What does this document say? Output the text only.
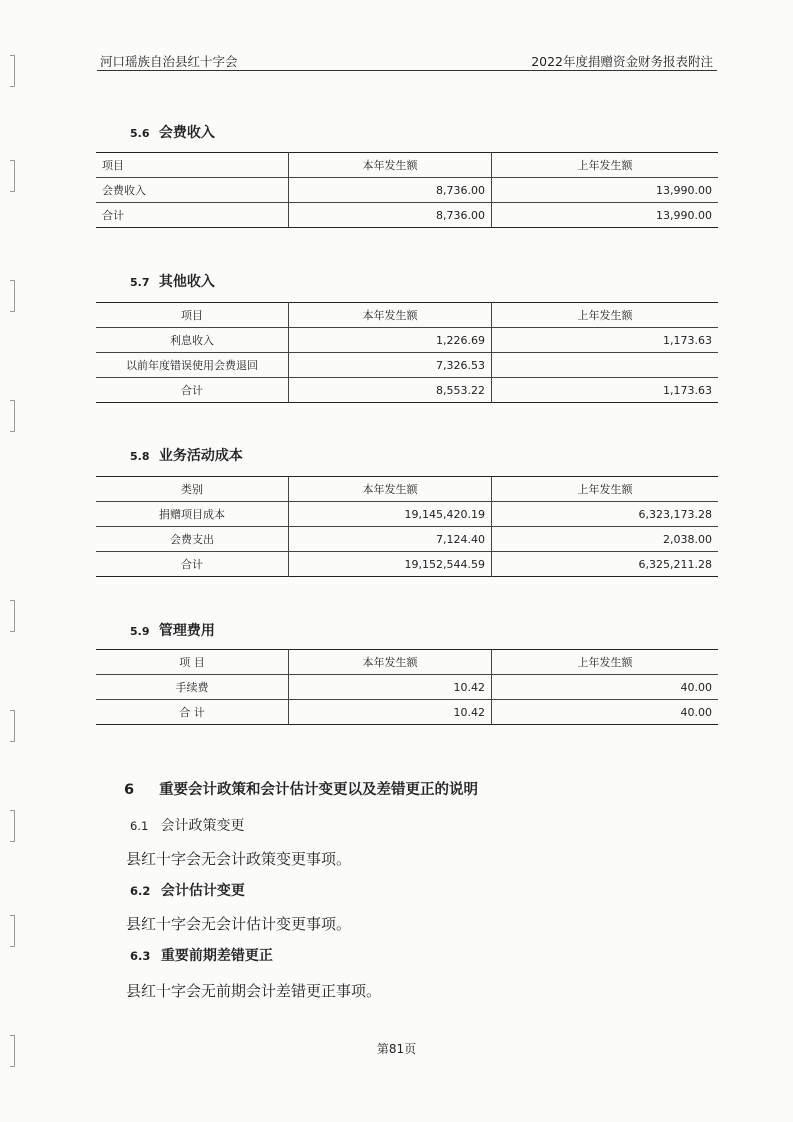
河口瑶族自治县红十字会	2022年度捐赠资金财务报表附注
5.6 会费收入
项目	本年发生额	上年发生额
会费收入	8,736.00	13,990.00
合计	8,736.00	13,990.00
5.7 其他收入
项目	本年发生额	上年发生额
利息收入	1,226.69	1,173.63
以前年度错误使用会费退回	7,326.53	
合计	8,553.22	1,173.63
5.8 业务活动成本
类别	本年发生额	上年发生额
捐赠项目成本	19,145,420.19	6,323,173.28
会费支出	7,124.40	2,038.00
合计	19,152,544.59	6,325,211.28
5.9 管理费用
项 目	本年发生额	上年发生额
手续费	10.42	40.00
合 计	10.42	40.00
6 重要会计政策和会计估计变更以及差错更正的说明
6.1 会计政策变更
县红十字会无会计政策变更事项。
6.2 会计估计变更
县红十字会无会计估计变更事项。
6.3 重要前期差错更正
县红十字会无前期会计差错更正事项。
第81页
